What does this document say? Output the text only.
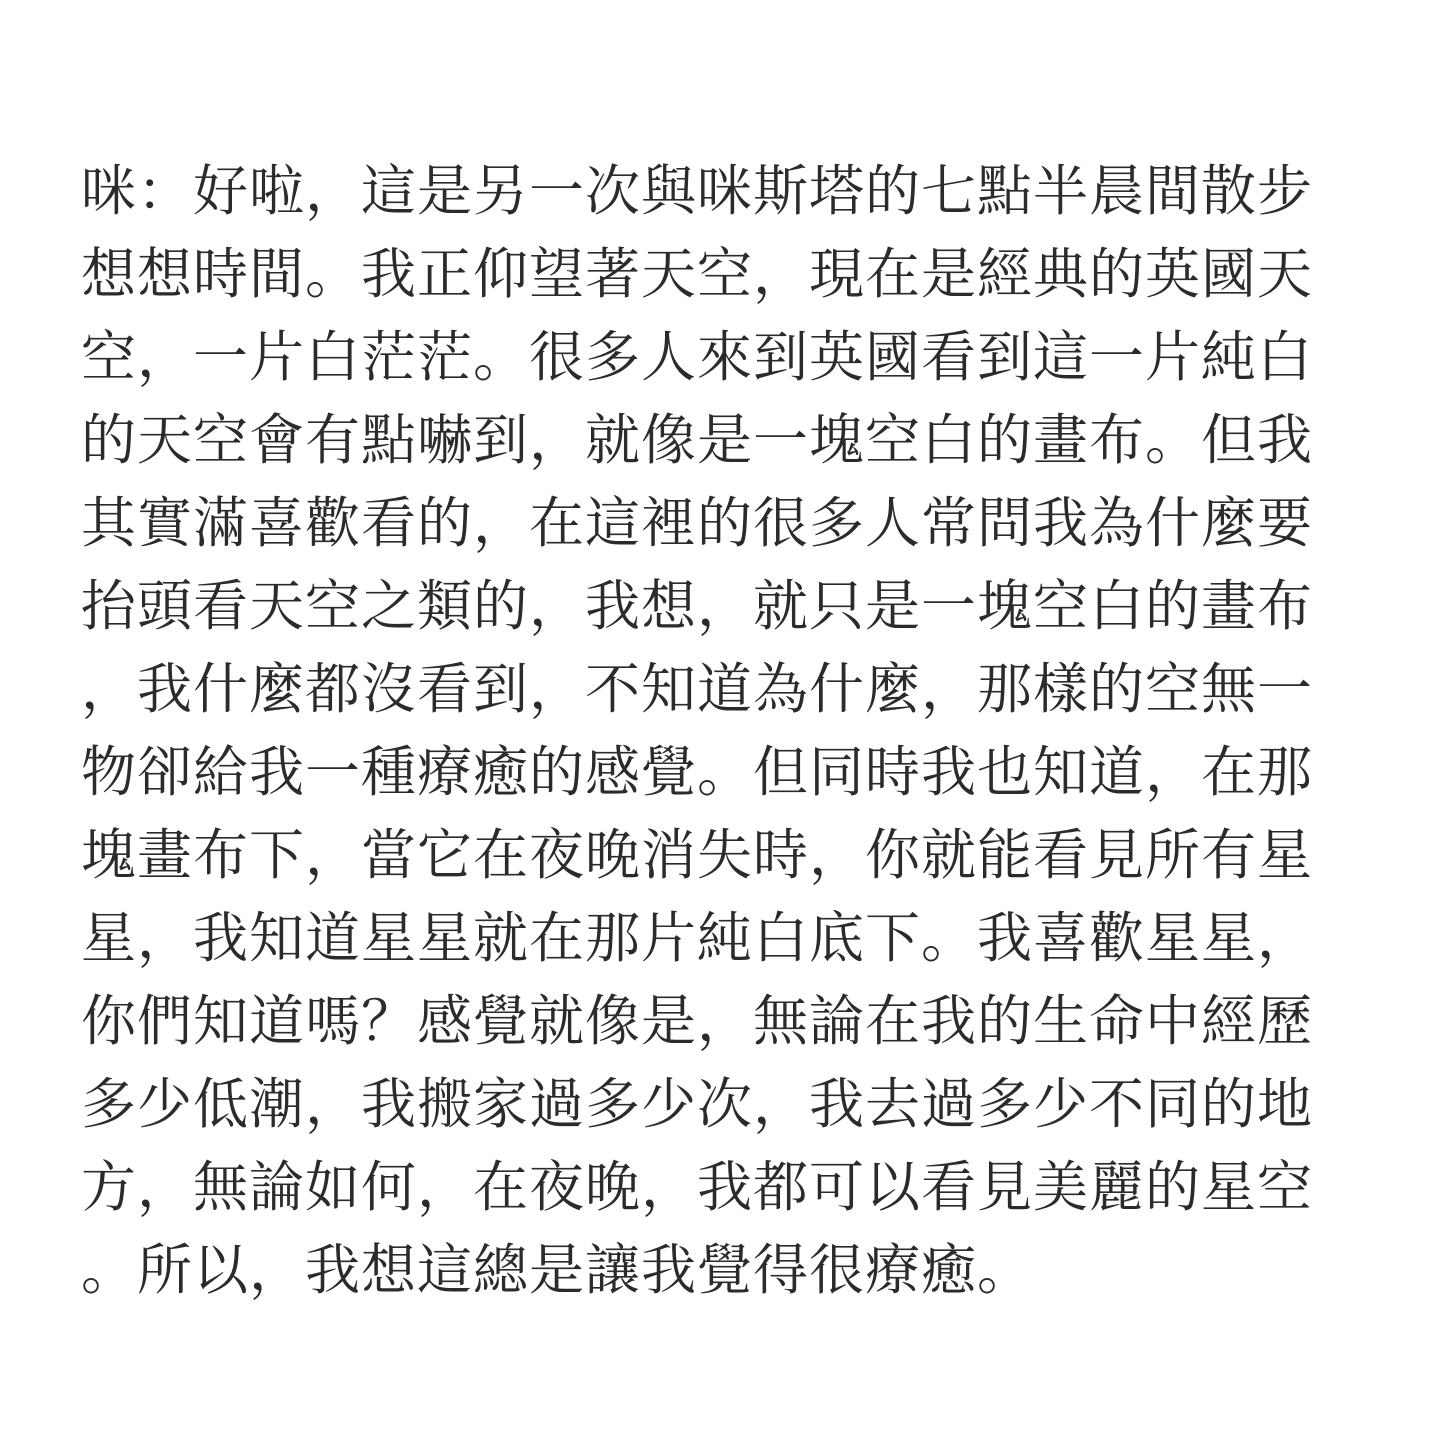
咪：好啦，這是另一次與咪斯塔的七點半晨間散步
想想時間。我正仰望著天空，現在是經典的英國天
空，一片白茫茫。很多人來到英國看到這一片純白
的天空會有點嚇到，就像是一塊空白的畫布。但我
其實滿喜歡看的，在這裡的很多人常問我為什麼要
抬頭看天空之類的，我想，就只是一塊空白的畫布
，我什麼都沒看到，不知道為什麼，那樣的空無一
物卻給我一種療癒的感覺。但同時我也知道，在那
塊畫布下，當它在夜晚消失時，你就能看見所有星
星，我知道星星就在那片純白底下。我喜歡星星，
你們知道嗎？感覺就像是，無論在我的生命中經歷
多少低潮，我搬家過多少次，我去過多少不同的地
方，無論如何，在夜晚，我都可以看見美麗的星空
。所以，我想這總是讓我覺得很療癒。
